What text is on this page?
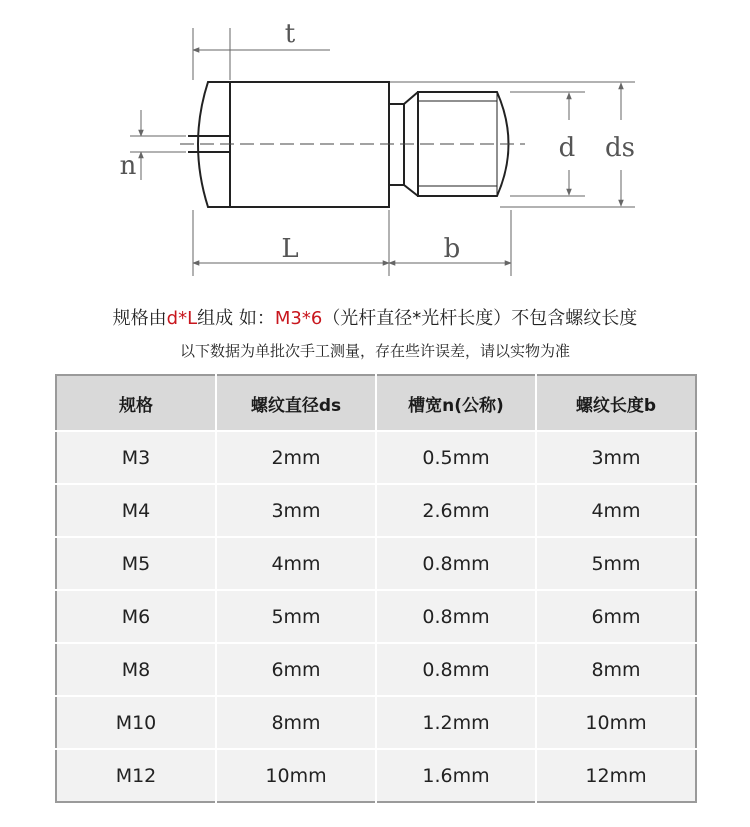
t
n
d ds
L	b
规格由d*L组成 如：M3*6（光杆直径*光杆长度）不包含螺纹长度
以下数据为单批次手工测量，存在些许误差，请以实物为准
规格	螺纹直径ds	槽宽n(公称)	螺纹长度b
M3	2mm	0.5mm	3mm
M4	3mm	2.6mm	4mm
M5	4mm	0.8mm	5mm
M6	5mm	0.8mm	6mm
M8	6mm	0.8mm	8mm
M10	8mm	1.2mm	10mm
M12	10mm	1.6mm	12mm
